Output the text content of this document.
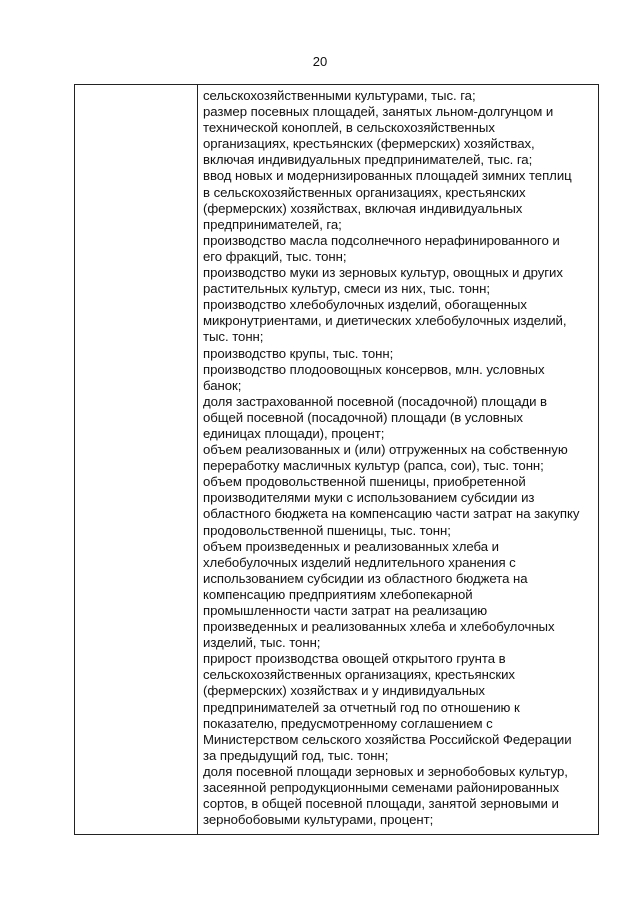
20
сельскохозяйственными культурами, тыс. га;
размер посевных площадей, занятых льном-долгунцом и
технической коноплей, в сельскохозяйственных
организациях, крестьянских (фермерских) хозяйствах,
включая индивидуальных предпринимателей, тыс. га;
ввод новых и модернизированных площадей зимних теплиц
в сельскохозяйственных организациях, крестьянских
(фермерских) хозяйствах, включая индивидуальных
предпринимателей, га;
производство масла подсолнечного нерафинированного и
его фракций, тыс. тонн;
производство муки из зерновых культур, овощных и других
растительных культур, смеси из них, тыс. тонн;
производство хлебобулочных изделий, обогащенных
микронутриентами, и диетических хлебобулочных изделий,
тыс. тонн;
производство крупы, тыс. тонн;
производство плодоовощных консервов, млн. условных
банок;
доля застрахованной посевной (посадочной) площади в
общей посевной (посадочной) площади (в условных
единицах площади), процент;
объем реализованных и (или) отгруженных на собственную
переработку масличных культур (рапса, сои), тыс. тонн;
объем продовольственной пшеницы, приобретенной
производителями муки с использованием субсидии из
областного бюджета на компенсацию части затрат на закупку
продовольственной пшеницы, тыс. тонн;
объем произведенных и реализованных хлеба и
хлебобулочных изделий недлительного хранения с
использованием субсидии из областного бюджета на
компенсацию предприятиям хлебопекарной
промышленности части затрат на реализацию
произведенных и реализованных хлеба и хлебобулочных
изделий, тыс. тонн;
прирост производства овощей открытого грунта в
сельскохозяйственных организациях, крестьянских
(фермерских) хозяйствах и у индивидуальных
предпринимателей за отчетный год по отношению к
показателю, предусмотренному соглашением с
Министерством сельского хозяйства Российской Федерации
за предыдущий год, тыс. тонн;
доля посевной площади зерновых и зернобобовых культур,
засеянной репродукционными семенами районированных
сортов, в общей посевной площади, занятой зерновыми и
зернобобовыми культурами, процент;
